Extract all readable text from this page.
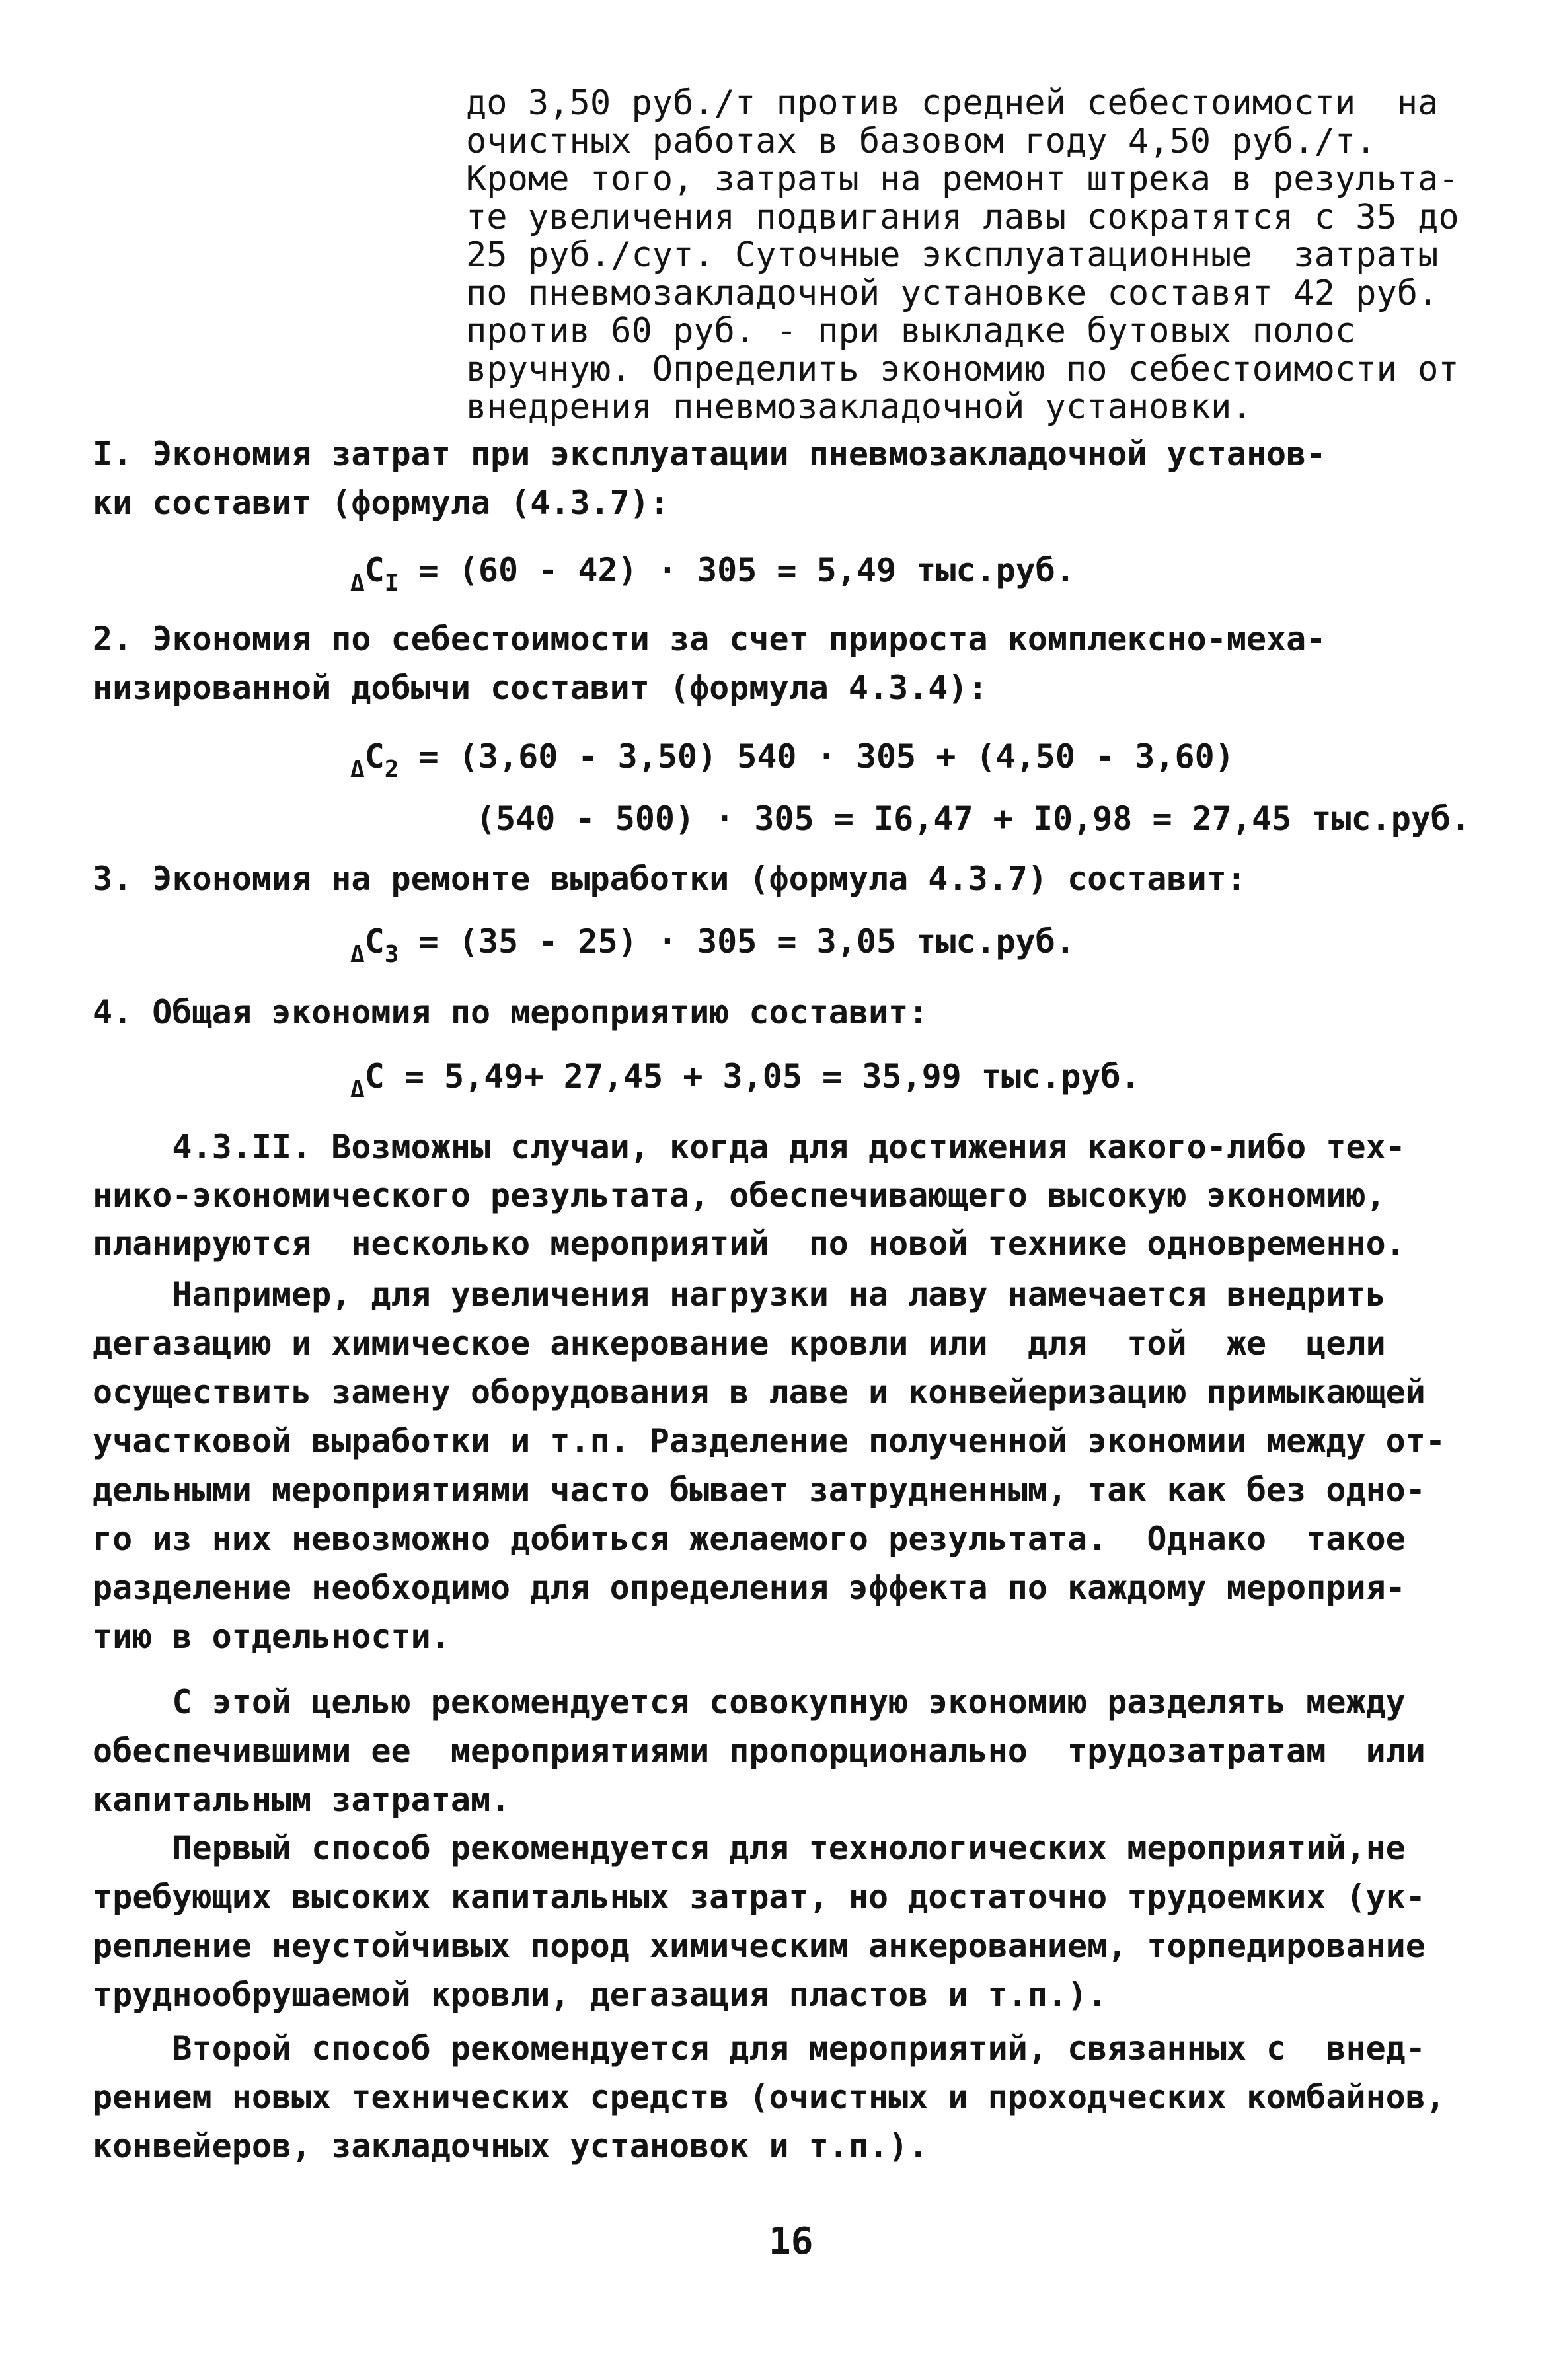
до 3,50 руб./т против средней себестоимости  на
очистных работах в базовом году 4,50 руб./т.
Кроме того, затраты на ремонт штрека в результа-
те увеличения подвигания лавы сократятся с 35 до
25 руб./сут. Суточные эксплуатационные  затраты
по пневмозакладочной установке составят 42 руб.
против 60 руб. - при выкладке бутовых полос
вручную. Определить экономию по себестоимости от
внедрения пневмозакладочной установки.
I. Экономия затрат при эксплуатации пневмозакладочной установ-
ки составит (формула (4.3.7):
$_\Delta C_I = (60 - 42) \cdot 305 = 5,49$ тыс.руб.
2. Экономия по себестоимости за счет прироста комплексно-меха-
низированной добычи составит (формула 4.3.4):
$_\Delta C_2 = (3,60 - 3,50) 540 \cdot 305 + (4,50 - 3,60)$
(540 - 500) · 305 = I6,47 + I0,98 = 27,45 тыс.руб.
3. Экономия на ремонте выработки (формула 4.3.7) составит:
$_\Delta C_3 = (35 - 25) \cdot 305 = 3,05$ тыс.руб.
4. Общая экономия по мероприятию составит:
$_\Delta$C = 5,49+ 27,45 + 3,05 = 35,99 тыс.руб.
4.3.II. Возможны случаи, когда для достижения какого-либо тех-
нико-экономического результата, обеспечивающего высокую экономию,
планируются  несколько мероприятий  по новой технике одновременно.
Например, для увеличения нагрузки на лаву намечается внедрить
дегазацию и химическое анкерование кровли или  для  той  же  цели
осуществить замену оборудования в лаве и конвейеризацию примыкающей
участковой выработки и т.п. Разделение полученной экономии между от-
дельными мероприятиями часто бывает затрудненным, так как без одно-
го из них невозможно добиться желаемого результата.  Однако  такое
разделение необходимо для определения эффекта по каждому мероприя-
тию в отдельности.
С этой целью рекомендуется совокупную экономию разделять между
обеспечившими ее  мероприятиями пропорционально  трудозатратам  или
капитальным затратам.
Первый способ рекомендуется для технологических мероприятий,не
требующих высоких капитальных затрат, но достаточно трудоемких (ук-
репление неустойчивых пород химическим анкерованием, торпедирование
труднообрушаемой кровли, дегазация пластов и т.п.).
Второй способ рекомендуется для мероприятий, связанных с  внед-
рением новых технических средств (очистных и проходческих комбайнов,
конвейеров, закладочных установок и т.п.).
16
